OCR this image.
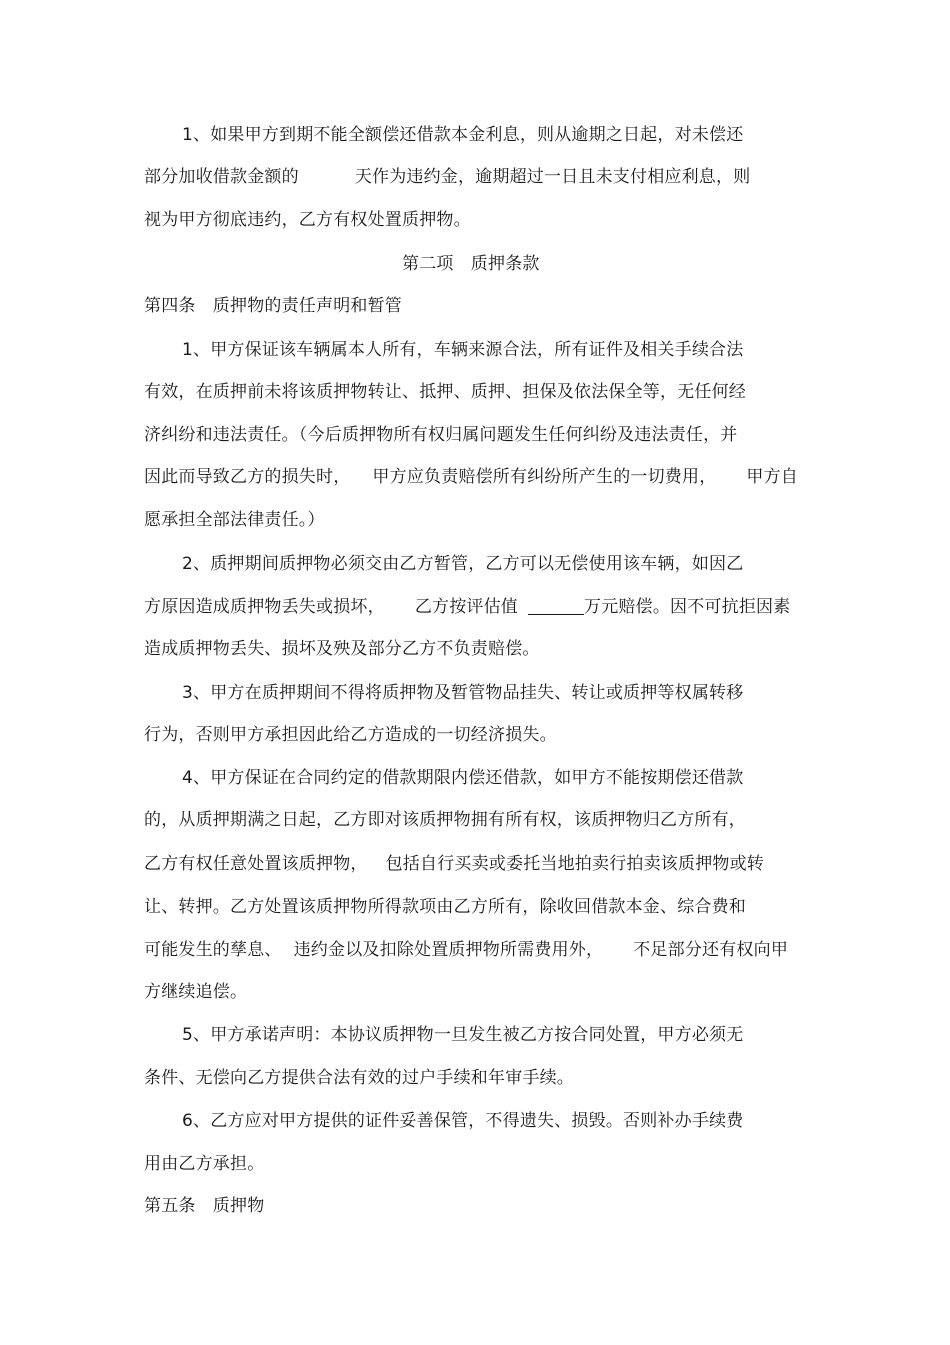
1、如果甲方到期不能全额偿还借款本金利息，则从逾期之日起，对未偿还
部分加收借款金额的	天作为违约金，逾期超过一日且未支付相应利息，则
视为甲方彻底违约，乙方有权处置质押物。
第二项　质押条款
第四条　质押物的责任声明和暂管
1、甲方保证该车辆属本人所有，车辆来源合法，所有证件及相关手续合法
有效，在质押前未将该质押物转让、抵押、质押、担保及依法保全等，无任何经
济纠纷和违法责任。（今后质押物所有权归属问题发生任何纠纷及违法责任，并
因此而导致乙方的损失时， 甲方应负责赔偿所有纠纷所产生的一切费用， 甲方自
愿承担全部法律责任。）
2、质押期间质押物必须交由乙方暂管，乙方可以无偿使用该车辆，如因乙
方原因造成质押物丢失或损坏， 乙方按评估值	万元赔偿。因不可抗拒因素
造成质押物丢失、损坏及殃及部分乙方不负责赔偿。
3、甲方在质押期间不得将质押物及暂管物品挂失、转让或质押等权属转移
行为，否则甲方承担因此给乙方造成的一切经济损失。
4、甲方保证在合同约定的借款期限内偿还借款，如甲方不能按期偿还借款
的，从质押期满之日起，乙方即对该质押物拥有所有权，该质押物归乙方所有，
乙方有权任意处置该质押物， 包括自行买卖或委托当地拍卖行拍卖该质押物或转
让、转押。乙方处置该质押物所得款项由乙方所有，除收回借款本金、综合费和
可能发生的孳息、 违约金以及扣除处置质押物所需费用外， 不足部分还有权向甲
方继续追偿。
5、甲方承诺声明：本协议质押物一旦发生被乙方按合同处置，甲方必须无
条件、无偿向乙方提供合法有效的过户手续和年审手续。
6、乙方应对甲方提供的证件妥善保管，不得遗失、损毁。否则补办手续费
用由乙方承担。
第五条　质押物
